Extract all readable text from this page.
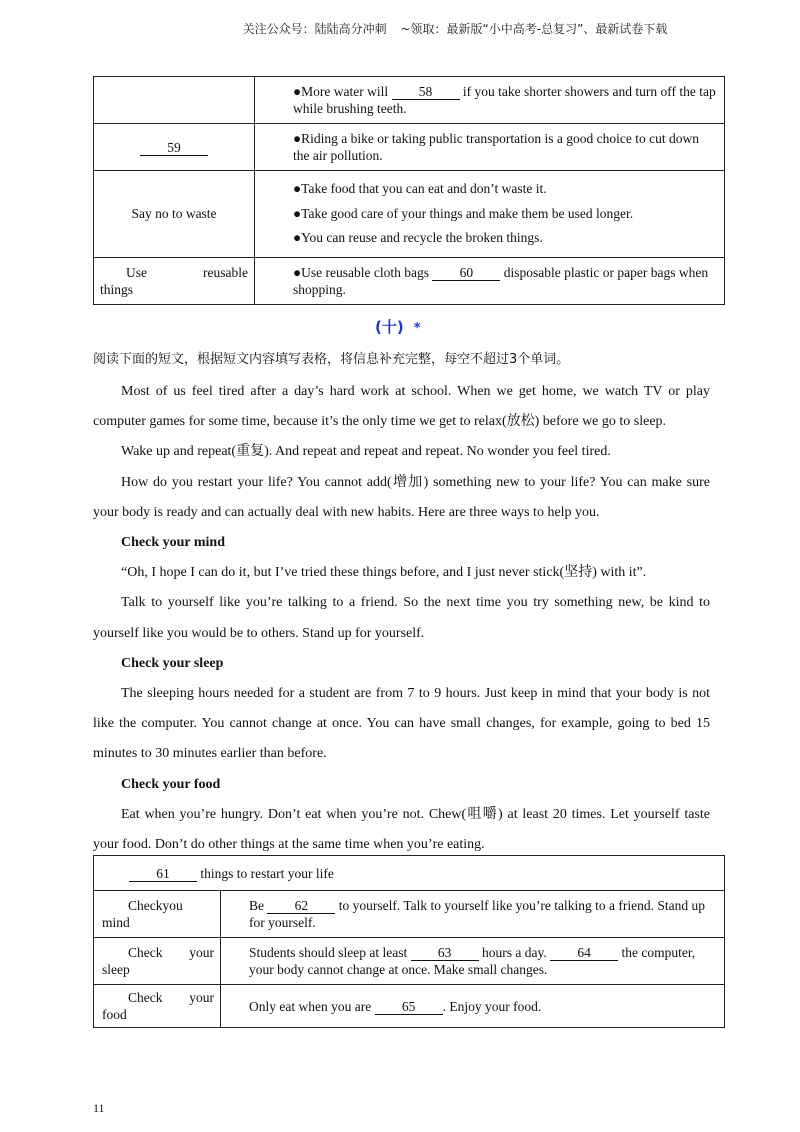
关注公众号：陆陆高分冲刺 ~领取：最新版“小中高考-总复习”、最新试卷下载

	●More water will 58 if you take shorter showers and turn off the tap while brushing teeth.

59	●Riding a bike or taking public transportation is a good choice to cut down the air pollution.

Say no to waste	●Take food that you can eat and don’t waste it.
●Take good care of your things and make them be used longer.
●You can reuse and recycle the broken things.

Use reusable
things	●Use reusable cloth bags 60 disposable plastic or paper bags when shopping.
(十) *
阅读下面的短文，根据短文内容填写表格，将信息补充完整，每空不超过3个单词。

Most of us feel tired after a day’s hard work at school. When we get home, we watch TV or play computer games for some time, because it’s the only time we get to relax(放松) before we go to sleep.

Wake up and repeat(重复). And repeat and repeat and repeat. No wonder you feel tired.

How do you restart your life? You cannot add(增加) something new to your life? You can make sure your body is ready and can actually deal with new habits. Here are three ways to help you.

Check your mind

“Oh, I hope I can do it, but I’ve tried these things before, and I just never stick(坚持) with it”.

Talk to yourself like you’re talking to a friend. So the next time you try something new, be kind to yourself like you would be to others. Stand up for yourself.

Check your sleep

The sleeping hours needed for a student are from 7 to 9 hours. Just keep in mind that your body is not like the computer. You cannot change at once. You can have small changes, for example, going to bed 15 minutes to 30 minutes earlier than before.

Check your food

Eat when you’re hungry. Don’t eat when you’re not. Chew(咀嚼) at least 20 times. Let yourself taste your food. Don’t do other things at the same time when you’re eating.

61 things to restart your life	

Checkyou
mind	Be 62 to yourself. Talk to yourself like you’re talking to a friend. Stand up for yourself.

Check your
sleep	Students should sleep at least 63 hours a day. 64 the computer, your body cannot change at once. Make small changes.

Check your
food	Only eat when you are 65 . Enjoy your food.
11
